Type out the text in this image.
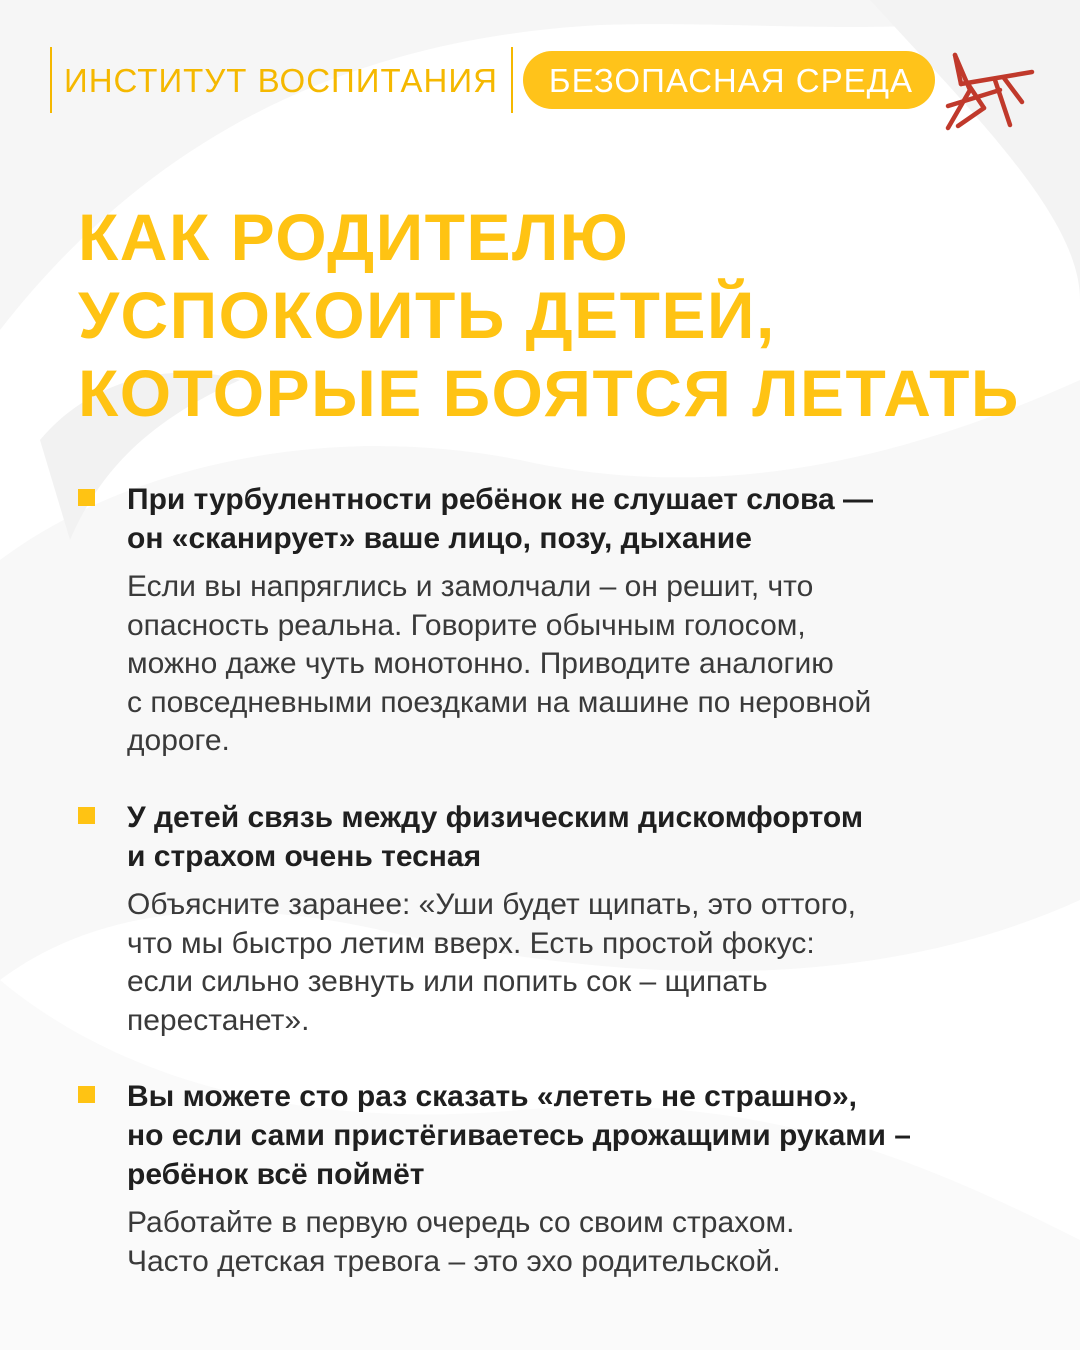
ИНСТИТУТ ВОСПИТАНИЯ	БЕЗОПАСНАЯ СРЕДА
КАК РОДИТЕЛЮ
УСПОКОИТЬ ДЕТЕЙ,
КОТОРЫЕ БОЯТСЯ ЛЕТАТЬ

При турбулентности ребёнок не слушает слова —
он «сканирует» ваше лицо, позу, дыхание

Если вы напряглись и замолчали – он решит, что
опасность реальна. Говорите обычным голосом,
можно даже чуть монотонно. Приводите аналогию
с повседневными поездками на машине по неровной
дороге.

У детей связь между физическим дискомфортом
и страхом очень тесная

Объясните заранее: «Уши будет щипать, это оттого,
что мы быстро летим вверх. Есть простой фокус:
если сильно зевнуть или попить сок – щипать
перестанет».

Вы можете сто раз сказать «лететь не страшно»,
но если сами пристёгиваетесь дрожащими руками –
ребёнок всё поймёт

Работайте в первую очередь со своим страхом.
Часто детская тревога – это эхо родительской.
